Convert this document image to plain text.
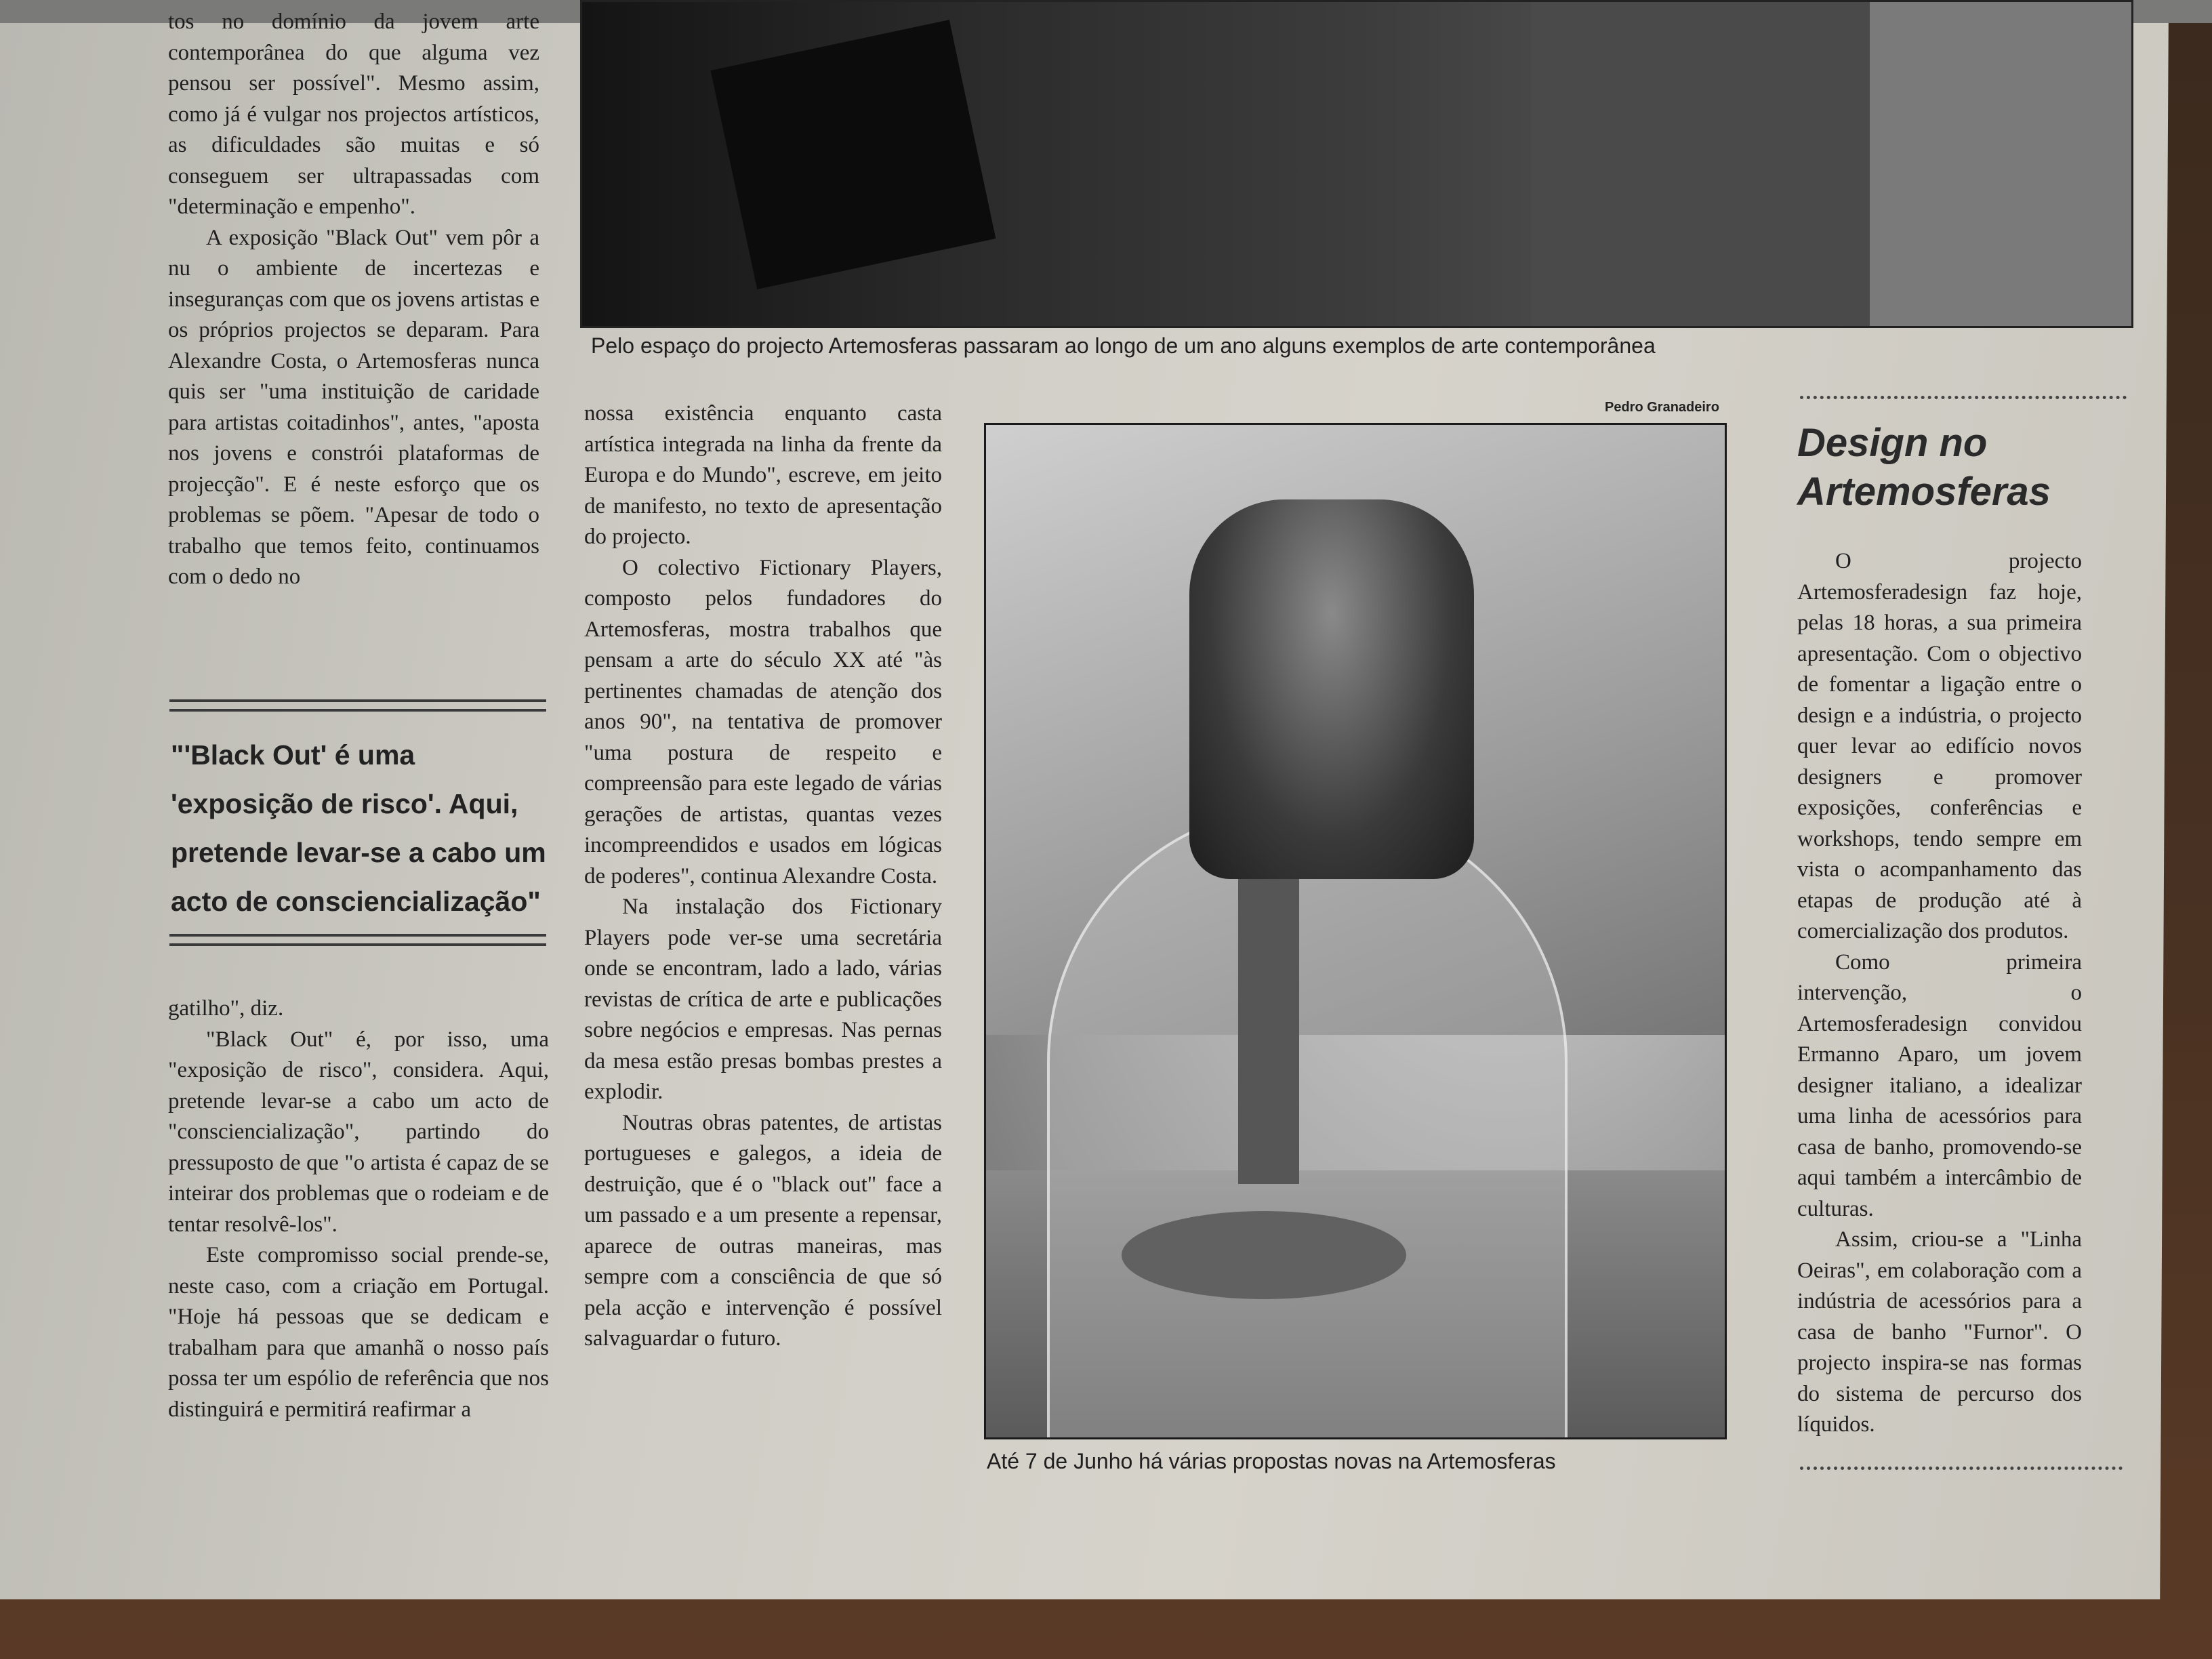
Pelo espaço do projecto Artemosferas passaram ao longo de um ano alguns exemplos de arte contemporânea

tos no domínio da jovem arte contemporânea do que alguma vez pensou ser possível". Mesmo assim, como já é vulgar nos projectos artísticos, as dificuldades são muitas e só conseguem ser ultrapassadas com "determinação e empenho".

A exposição "Black Out" vem pôr a nu o ambiente de incertezas e inseguranças com que os jovens artistas e os próprios projectos se deparam. Para Alexandre Costa, o Artemosferas nunca quis ser "uma instituição de caridade para artistas coitadinhos", antes, "aposta nos jovens e constrói plataformas de projecção". E é neste esforço que os problemas se põem. "Apesar de todo o trabalho que temos feito, continuamos com o dedo no

"'Black Out' é uma 'exposição de risco'. Aqui, pretende levar-se a cabo um acto de consciencialização"

gatilho", diz.

"Black Out" é, por isso, uma "exposição de risco", considera. Aqui, pretende levar-se a cabo um acto de "consciencialização", partindo do pressuposto de que "o artista é capaz de se inteirar dos problemas que o rodeiam e de tentar resolvê-los".

Este compromisso social prende-se, neste caso, com a criação em Portugal. "Hoje há pessoas que se dedicam e trabalham para que amanhã o nosso país possa ter um espólio de referência que nos distinguirá e permitirá reafirmar a

nossa existência enquanto casta artística integrada na linha da frente da Europa e do Mundo", escreve, em jeito de manifesto, no texto de apresentação do projecto.

O colectivo Fictionary Players, composto pelos fundadores do Artemosferas, mostra trabalhos que pensam a arte do século XX até "às pertinentes chamadas de atenção dos anos 90", na tentativa de promover "uma postura de respeito e compreensão para este legado de várias gerações de artistas, quantas vezes incompreendidos e usados em lógicas de poderes", continua Alexandre Costa.

Na instalação dos Fictionary Players pode ver-se uma secretária onde se encontram, lado a lado, várias revistas de crítica de arte e publicações sobre negócios e empresas. Nas pernas da mesa estão presas bombas prestes a explodir.

Noutras obras patentes, de artistas portugueses e galegos, a ideia de destruição, que é o "black out" face a um passado e a um presente a repensar, aparece de outras maneiras, mas sempre com a consciência de que só pela acção e intervenção é possível salvaguardar o futuro.

Pedro Granadeiro
Até 7 de Junho há várias propostas novas na Artemosferas
Design no Artemosferas

O projecto Artemosferadesign faz hoje, pelas 18 horas, a sua primeira apresentação. Com o objectivo de fomentar a ligação entre o design e a indústria, o projecto quer levar ao edifício novos designers e promover exposições, conferências e workshops, tendo sempre em vista o acompanhamento das etapas de produção até à comercialização dos produtos.

Como primeira intervenção, o Artemosferadesign convidou Ermanno Aparo, um jovem designer italiano, a idealizar uma linha de acessórios para casa de banho, promovendo-se aqui também a intercâmbio de culturas.

Assim, criou-se a "Linha Oeiras", em colaboração com a indústria de acessórios para a casa de banho "Furnor". O projecto inspira-se nas formas do sistema de percurso dos líquidos.
